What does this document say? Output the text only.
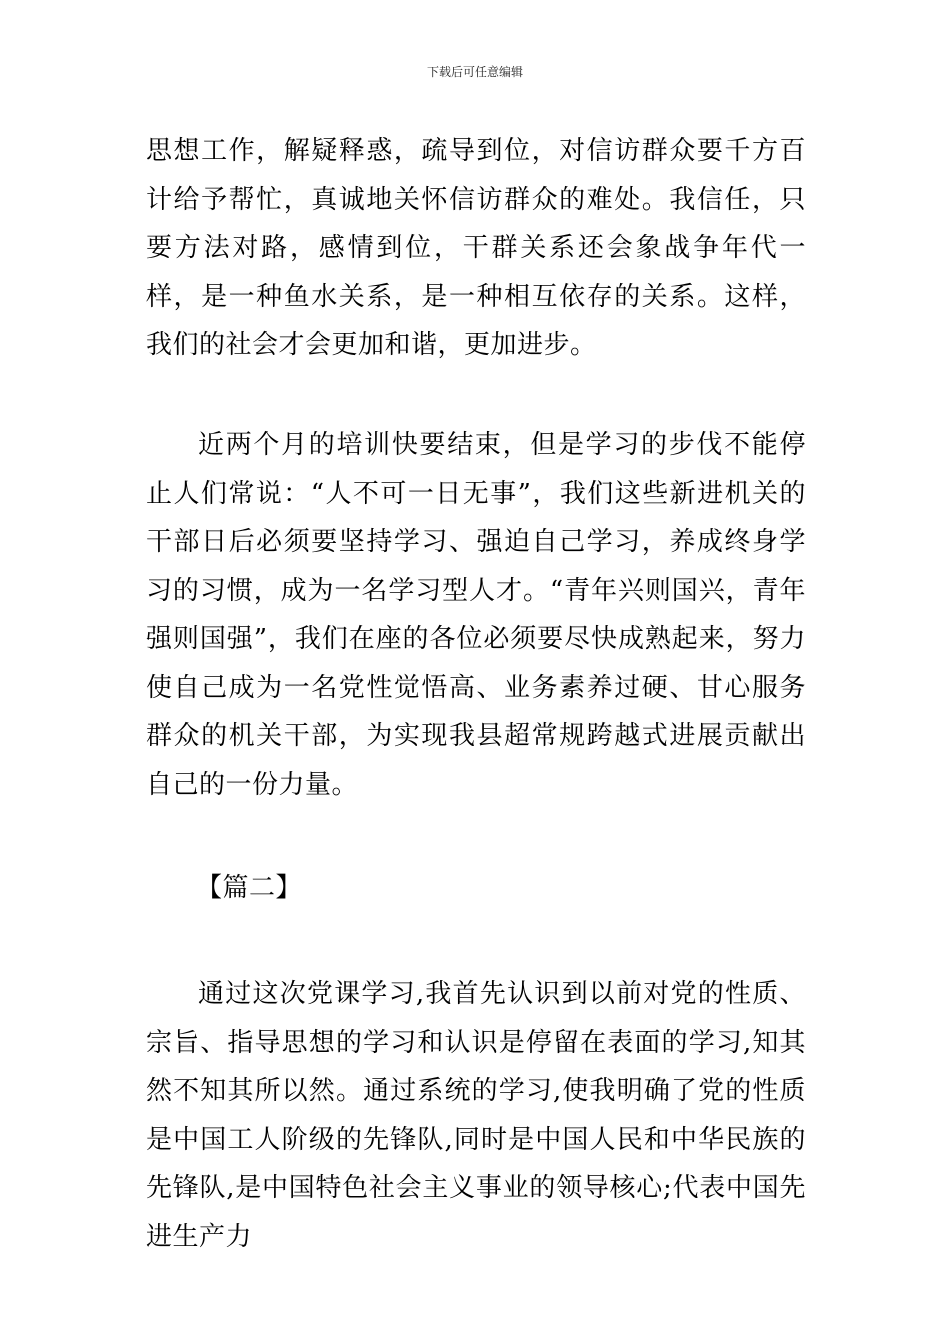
下载后可任意编辑

思想工作，解疑释惑，疏导到位，对信访群众要千方百计给予帮忙，真诚地关怀信访群众的难处。我信任，只要方法对路，感情到位，干群关系还会象战争年代一样，是一种鱼水关系，是一种相互依存的关系。这样，我们的社会才会更加和谐，更加进步。

近两个月的培训快要结束，但是学习的步伐不能停止人们常说：“人不可一日无事”，我们这些新进机关的干部日后必须要坚持学习、强迫自己学习，养成终身学习的习惯，成为一名学习型人才。“青年兴则国兴，青年强则国强”，我们在座的各位必须要尽快成熟起来，努力使自己成为一名党性觉悟高、业务素养过硬、甘心服务群众的机关干部，为实现我县超常规跨越式进展贡献出自己的一份力量。

【篇二】

通过这次党课学习,我首先认识到以前对党的性质、宗旨、指导思想的学习和认识是停留在表面的学习,知其然不知其所以然。通过系统的学习,使我明确了党的性质是中国工人阶级的先锋队,同时是中国人民和中华民族的先锋队,是中国特色社会主义事业的领导核心;代表中国先进生产力
